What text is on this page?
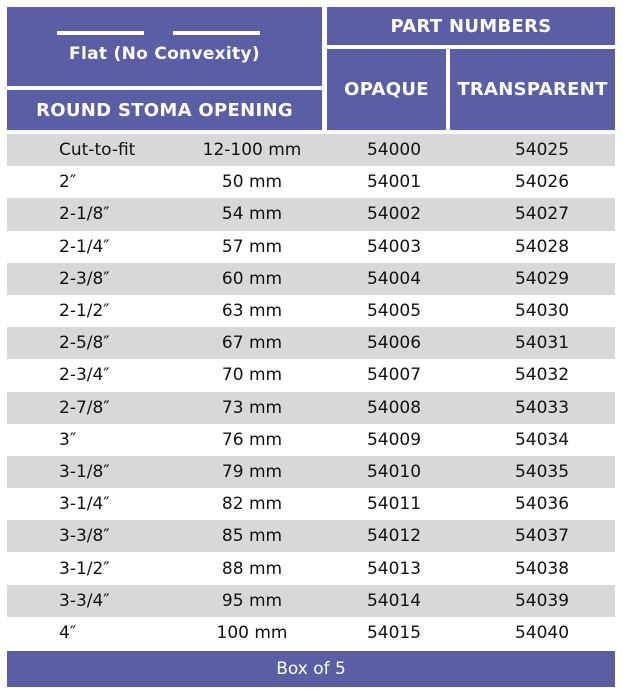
Flat (No Convexity)
ROUND STOMA OPENING
PART NUMBERS
OPAQUE TRANSPARENT
Cut-to-fit	12-100 mm	54000	54025
2″	50 mm	54001	54026
2-1/8″	54 mm	54002	54027
2-1/4″	57 mm	54003	54028
2-3/8″	60 mm	54004	54029
2-1/2″	63 mm	54005	54030
2-5/8″	67 mm	54006	54031
2-3/4″	70 mm	54007	54032
2-7/8″	73 mm	54008	54033
3″	76 mm	54009	54034
3-1/8″	79 mm	54010	54035
3-1/4″	82 mm	54011	54036
3-3/8″	85 mm	54012	54037
3-1/2″	88 mm	54013	54038
3-3/4″	95 mm	54014	54039
4″	100 mm	54015	54040
Box of 5
